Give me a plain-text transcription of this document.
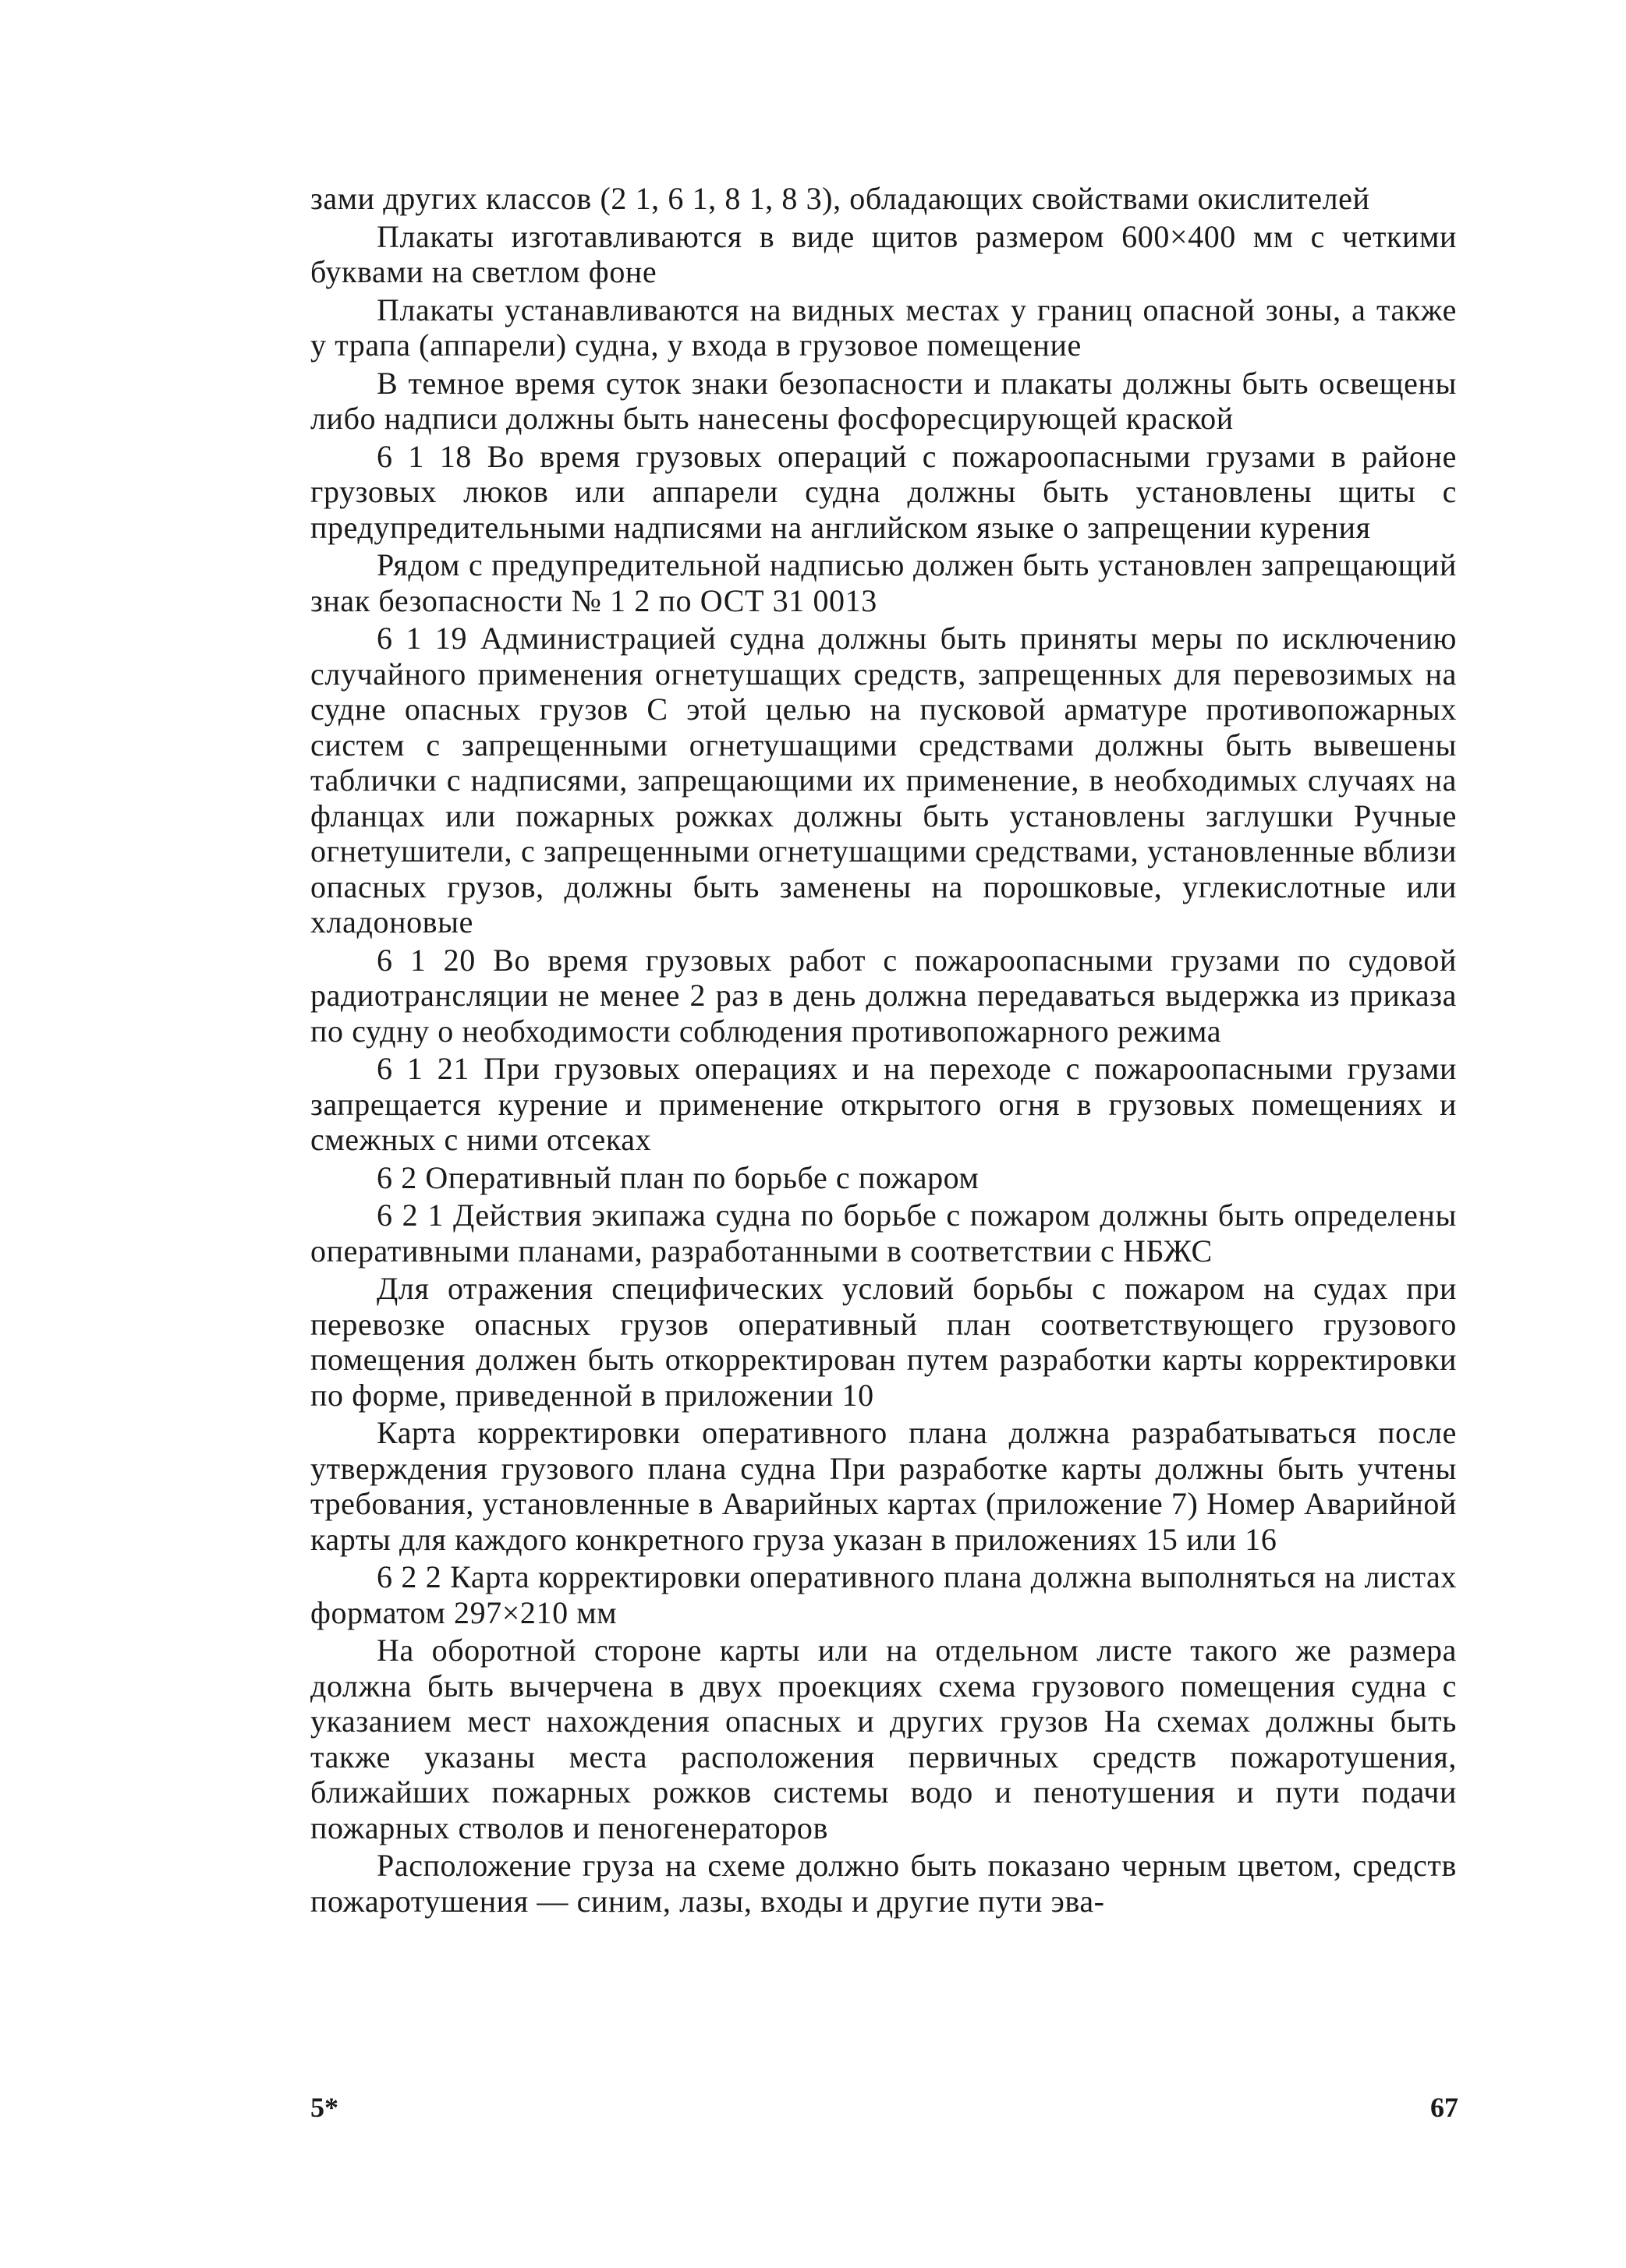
зами других классов (2 1, 6 1, 8 1, 8 3), обладающих свойствами окислителей

Плакаты изготавливаются в виде щитов размером 600×400 мм с четкими буквами на светлом фоне

Плакаты устанавливаются на видных местах у границ опасной зоны, а также у трапа (аппарели) судна, у входа в грузовое помещение

В темное время суток знаки безопасности и плакаты должны быть освещены либо надписи должны быть нанесены фосфоресцирующей краской

6 1 18 Во время грузовых операций с пожароопасными грузами в районе грузовых люков или аппарели судна должны быть установлены щиты с предупредительными надписями на английском языке о запрещении курения

Рядом с предупредительной надписью должен быть установлен запрещающий знак безопасности № 1 2 по ОСТ 31 0013

6 1 19 Администрацией судна должны быть приняты меры по исключению случайного применения огнетушащих средств, запрещенных для перевозимых на судне опасных грузов С этой целью на пусковой арматуре противопожарных систем с запрещенными огнетушащими средствами должны быть вывешены таблички с надписями, запрещающими их применение, в необходимых случаях на фланцах или пожарных рожках должны быть установлены заглушки Ручные огнетушители, с запрещенными огнетушащими средствами, установленные вблизи опасных грузов, должны быть заменены на порошковые, углекислотные или хладоновые

6 1 20 Во время грузовых работ с пожароопасными грузами по судовой радиотрансляции не менее 2 раз в день должна передаваться выдержка из приказа по судну о необходимости соблюдения противопожарного режима

6 1 21 При грузовых операциях и на переходе с пожароопасными грузами запрещается курение и применение открытого огня в грузовых помещениях и смежных с ними отсеках

6 2 Оперативный план по борьбе с пожаром

6 2 1 Действия экипажа судна по борьбе с пожаром должны быть определены оперативными планами, разработанными в соответствии с НБЖС

Для отражения специфических условий борьбы с пожаром на судах при перевозке опасных грузов оперативный план соответствующего грузового помещения должен быть откорректирован путем разработки карты корректировки по форме, приведенной в приложении 10

Карта корректировки оперативного плана должна разрабатываться после утверждения грузового плана судна При разработке карты должны быть учтены требования, установленные в Аварийных картах (приложение 7) Номер Аварийной карты для каждого конкретного груза указан в приложениях 15 или 16

6 2 2 Карта корректировки оперативного плана должна выполняться на листах форматом 297×210 мм

На оборотной стороне карты или на отдельном листе такого же размера должна быть вычерчена в двух проекциях схема грузового помещения судна с указанием мест нахождения опасных и других грузов На схемах должны быть также указаны места расположения первичных средств пожаротушения, ближайших пожарных рожков системы водо и пенотушения и пути подачи пожарных стволов и пеногенераторов

Расположение груза на схеме должно быть показано черным цветом, средств пожаротушения — синим, лазы, входы и другие пути эва-

5*	67
